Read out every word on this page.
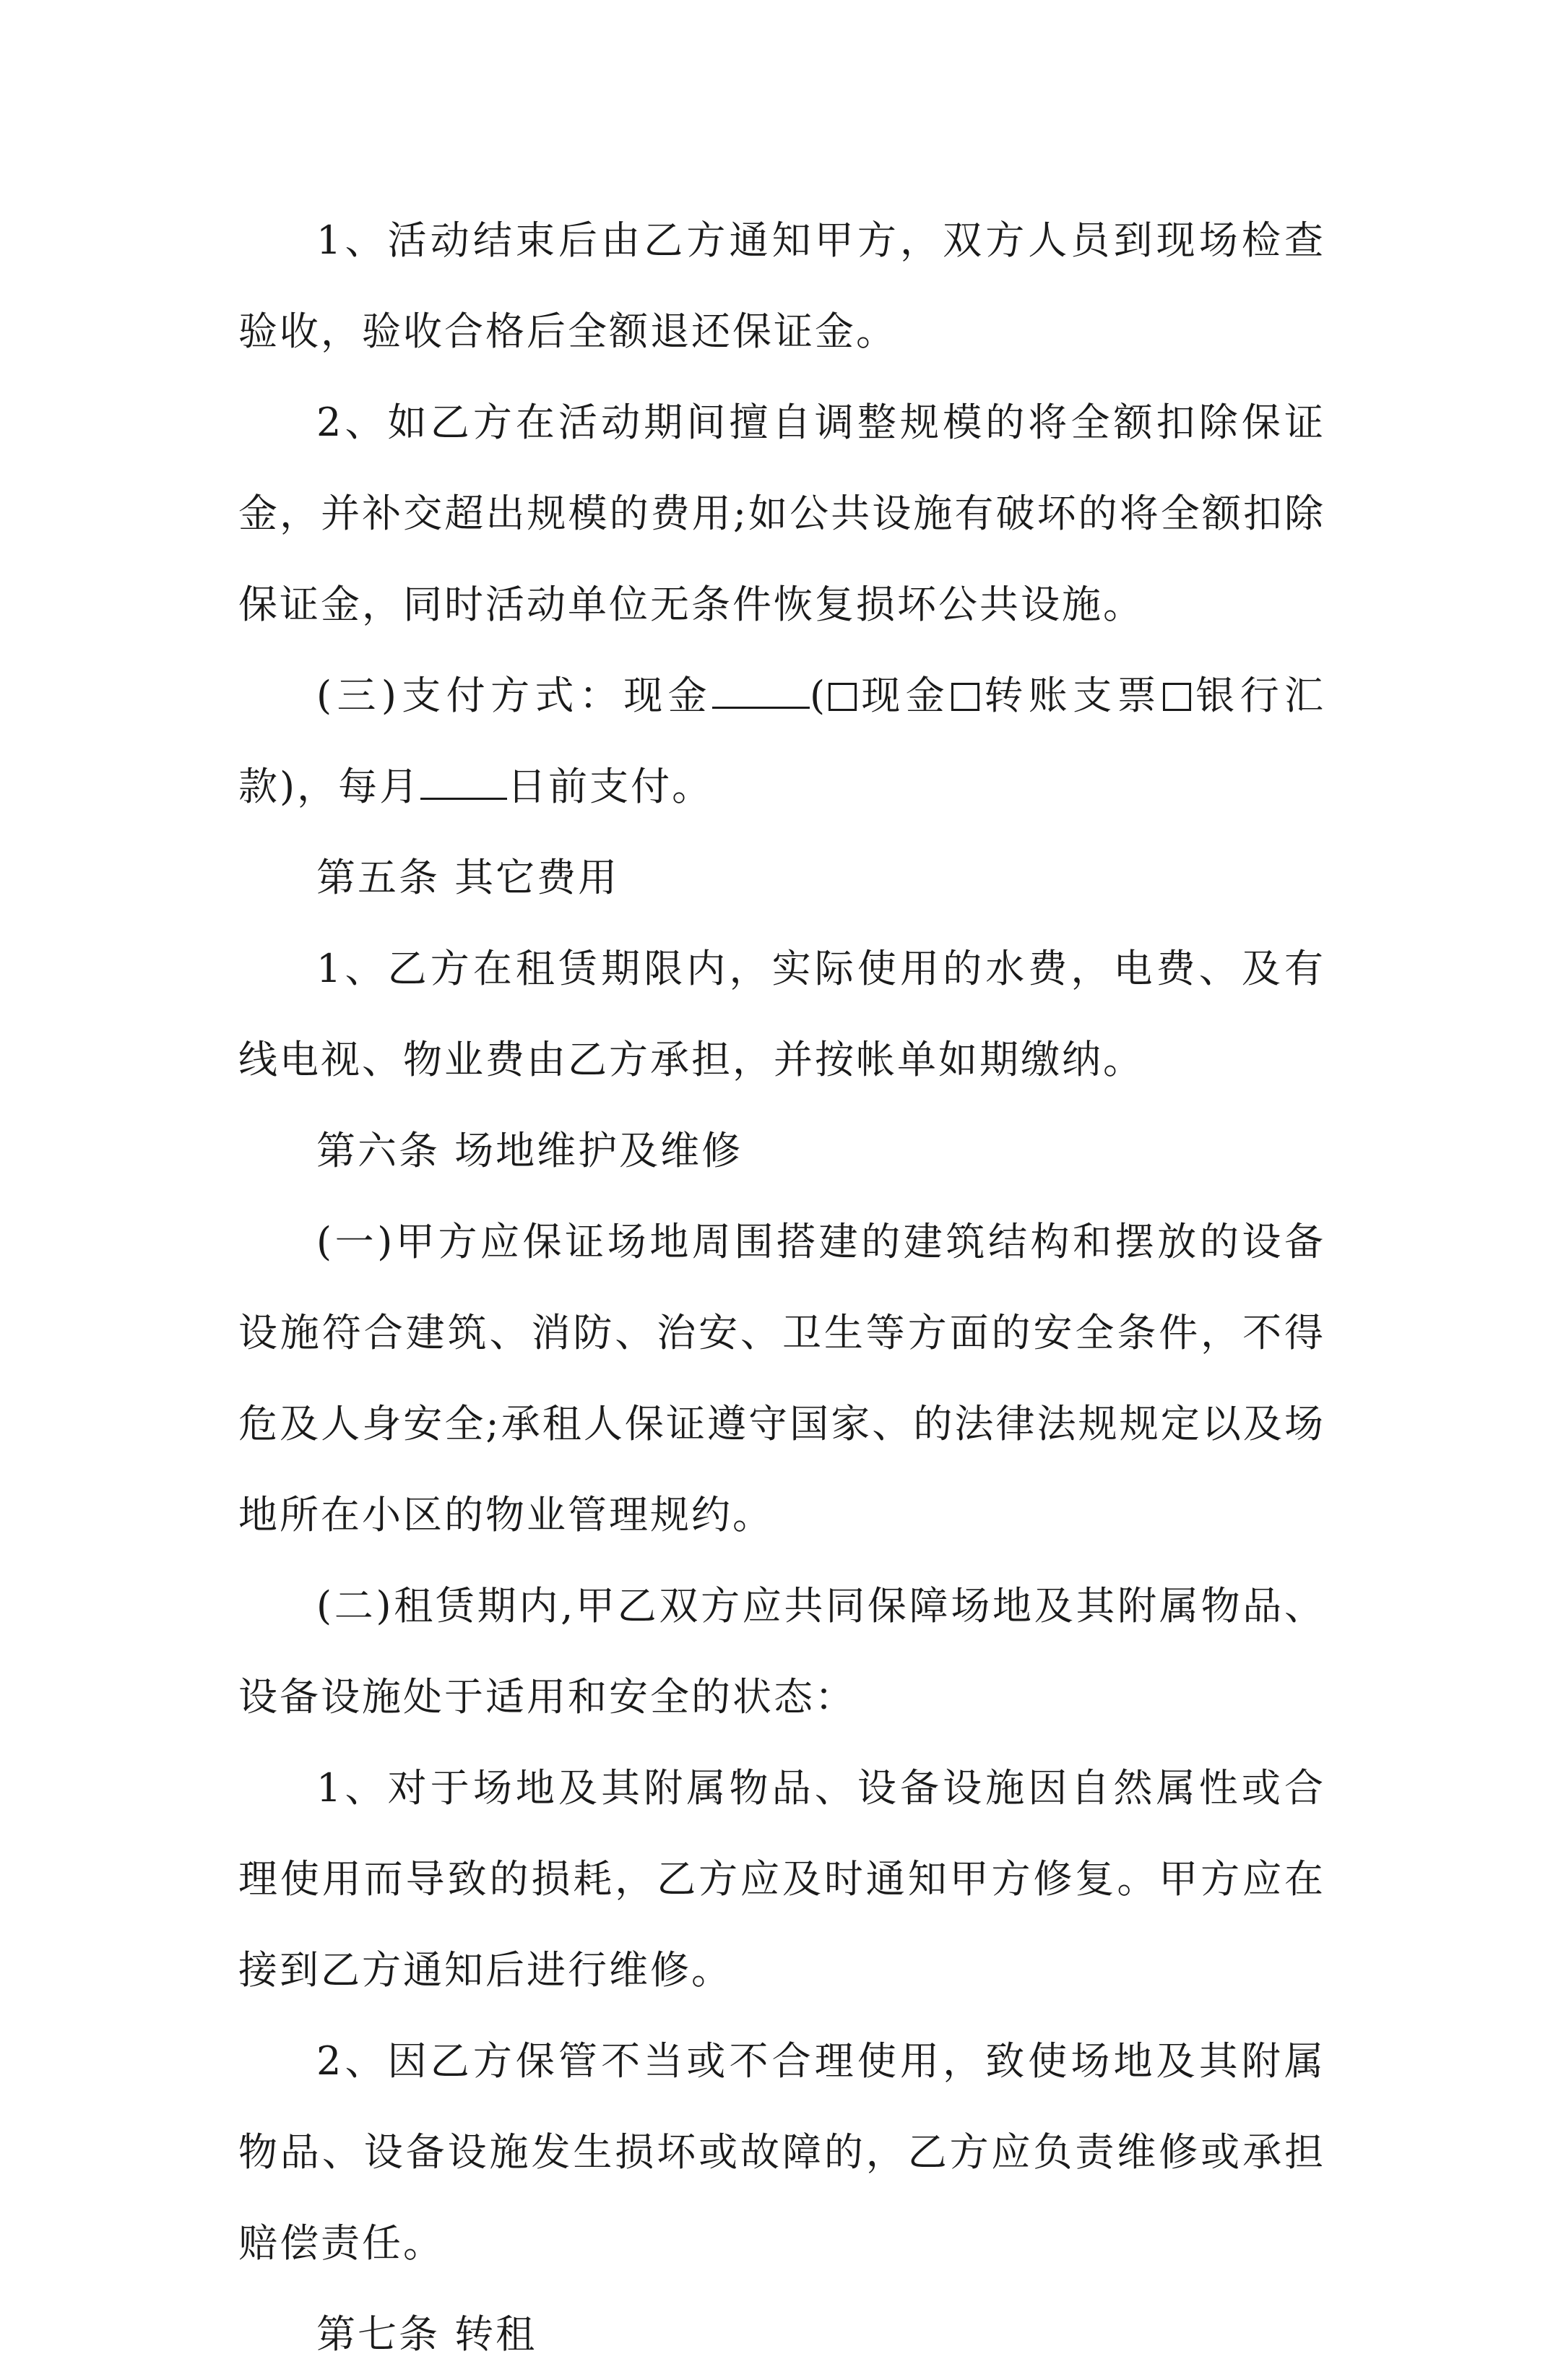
1、活动结束后由乙方通知甲方，双方人员到现场检查验收，验收合格后全额退还保证金。

2、如乙方在活动期间擅自调整规模的将全额扣除保证金，并补交超出规模的费用;如公共设施有破坏的将全额扣除保证金，同时活动单位无条件恢复损坏公共设施。

(三)支付方式：现金	( 现金 转账支票 银行汇款)，每月 日前支付。

第五条 其它费用

1、乙方在租赁期限内，实际使用的水费，电费、及有线电视、物业费由乙方承担，并按帐单如期缴纳。

第六条 场地维护及维修

(一)甲方应保证场地周围搭建的建筑结构和摆放的设备设施符合建筑、消防、治安、卫生等方面的安全条件，不得危及人身安全;承租人保证遵守国家、的法律法规规定以及场地所在小区的物业管理规约。

(二)租赁期内,甲乙双方应共同保障场地及其附属物品、设备设施处于适用和安全的状态：

1、对于场地及其附属物品、设备设施因自然属性或合理使用而导致的损耗，乙方应及时通知甲方修复。甲方应在接到乙方通知后进行维修。

2、因乙方保管不当或不合理使用，致使场地及其附属物品、设备设施发生损坏或故障的，乙方应负责维修或承担赔偿责任。

第七条 转租
